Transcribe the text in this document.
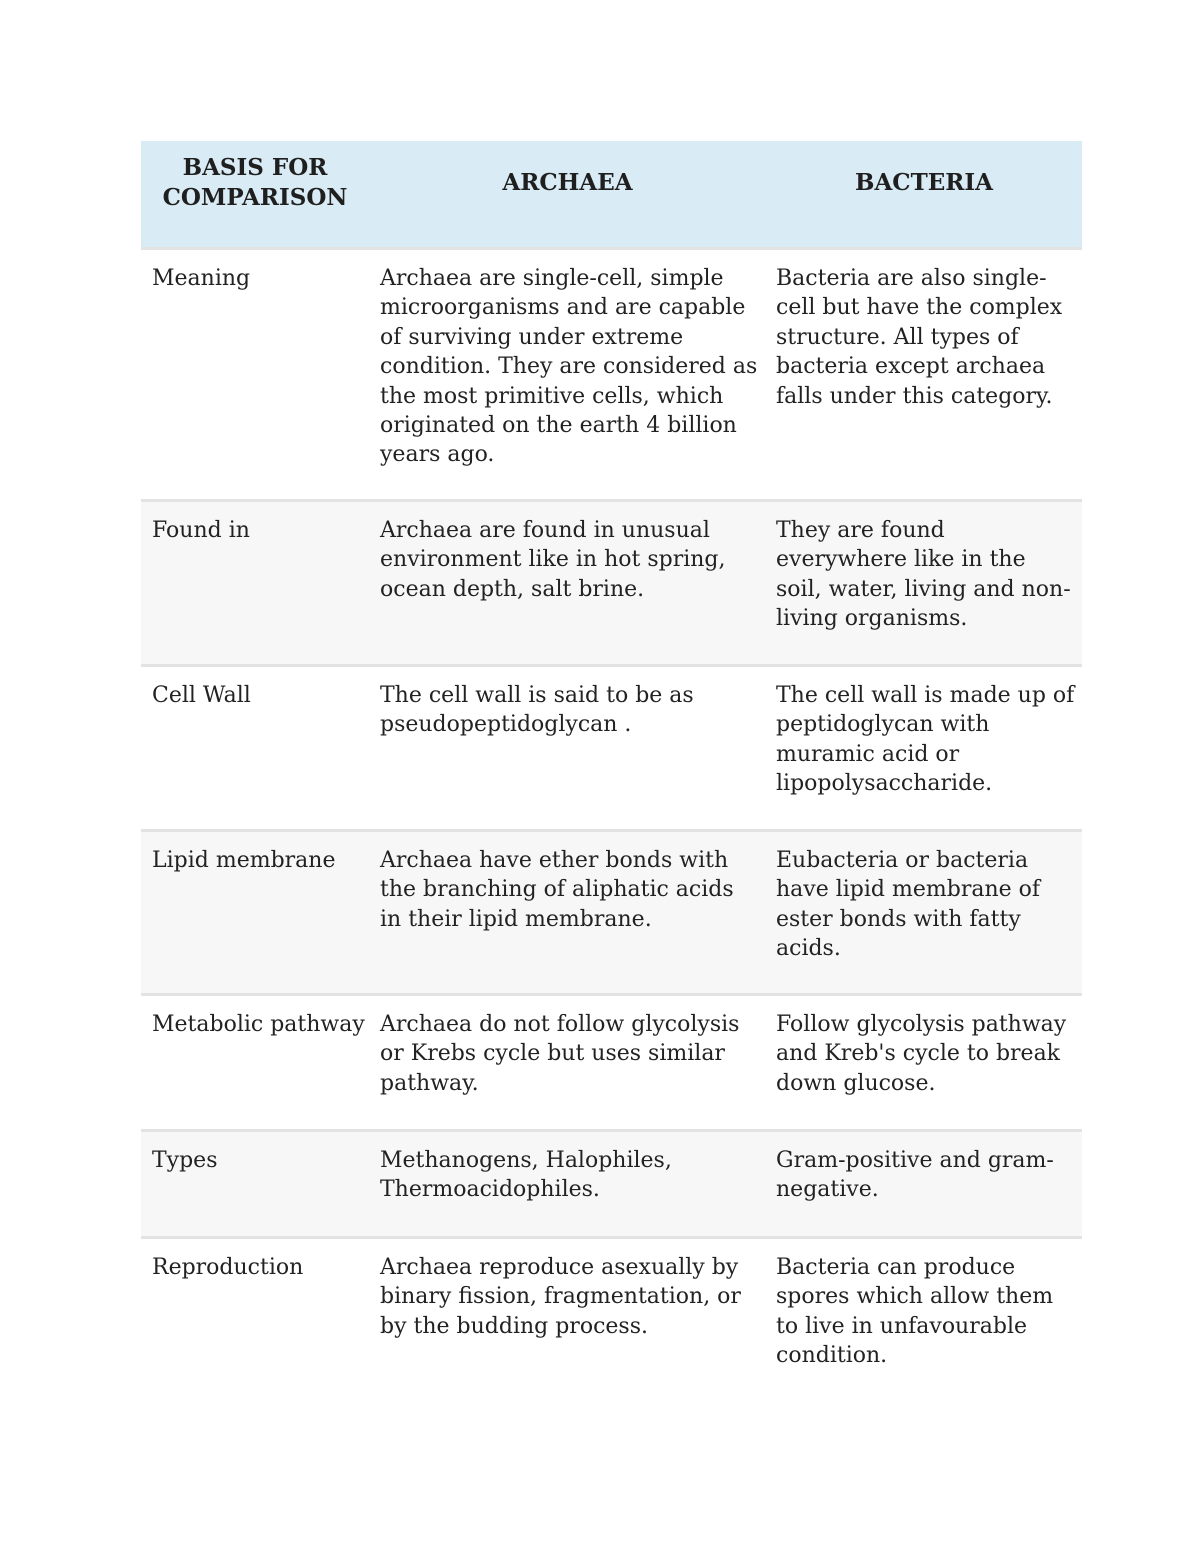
BASIS FOR COMPARISON	ARCHAEA	BACTERIA

Meaning	Archaea are single-cell, simple microorganisms and are capable of surviving under extreme condition. They are considered as the most primitive cells, which originated on the earth 4 billion years ago.	Bacteria are also single-cell but have the complex structure. All types of bacteria except archaea falls under this category.
Found in	Archaea are found in unusual environment like in hot spring, ocean depth, salt brine.	They are found everywhere like in the soil, water, living and non-living organisms.
Cell Wall	The cell wall is said to be as pseudopeptidoglycan .	The cell wall is made up of peptidoglycan with muramic acid or lipopolysaccharide.
Lipid membrane	Archaea have ether bonds with the branching of aliphatic acids in their lipid membrane.	Eubacteria or bacteria have lipid membrane of ester bonds with fatty acids.
Metabolic pathway	Archaea do not follow glycolysis or Krebs cycle but uses similar pathway.	Follow glycolysis pathway and Kreb's cycle to break down glucose.
Types	Methanogens, Halophiles, Thermoacidophiles.	Gram-positive and gram-negative.
Reproduction	Archaea reproduce asexually by binary fission, fragmentation, or by the budding process.	Bacteria can produce spores which allow them to live in unfavourable condition.
